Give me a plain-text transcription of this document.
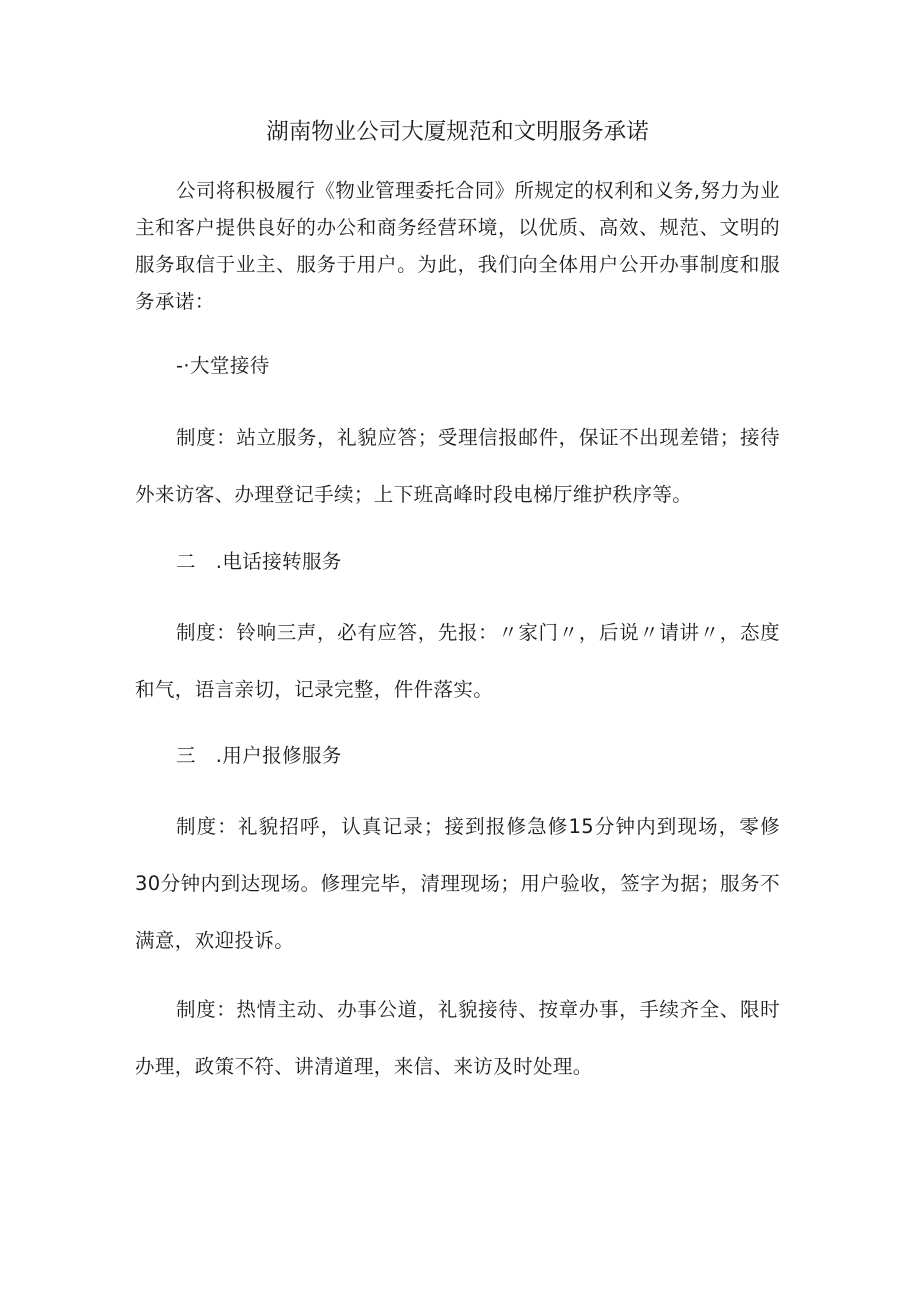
湖南物业公司大厦规范和文明服务承诺

公司将积极履行《物业管理委托合同》所规定的权利和义务,努力为业主和客户提供良好的办公和商务经营环境，以优质、高效、规范、文明的服务取信于业主、服务于用户。为此，我们向全体用户公开办事制度和服务承诺：

-·大堂接待

制度：站立服务，礼貌应答；受理信报邮件，保证不出现差错；接待外来访客、办理登记手续；上下班高峰时段电梯厅维护秩序等。

二　.电话接转服务

制度：铃响三声，必有应答，先报：〃家门〃，后说〃请讲〃，态度和气，语言亲切，记录完整，件件落实。

三　.用户报修服务

制度：礼貌招呼，认真记录；接到报修急修15分钟内到现场，零修30分钟内到达现场。修理完毕，清理现场；用户验收，签字为据；服务不满意，欢迎投诉。

制度：热情主动、办事公道，礼貌接待、按章办事，手续齐全、限时办理，政策不符、讲清道理，来信、来访及时处理。
